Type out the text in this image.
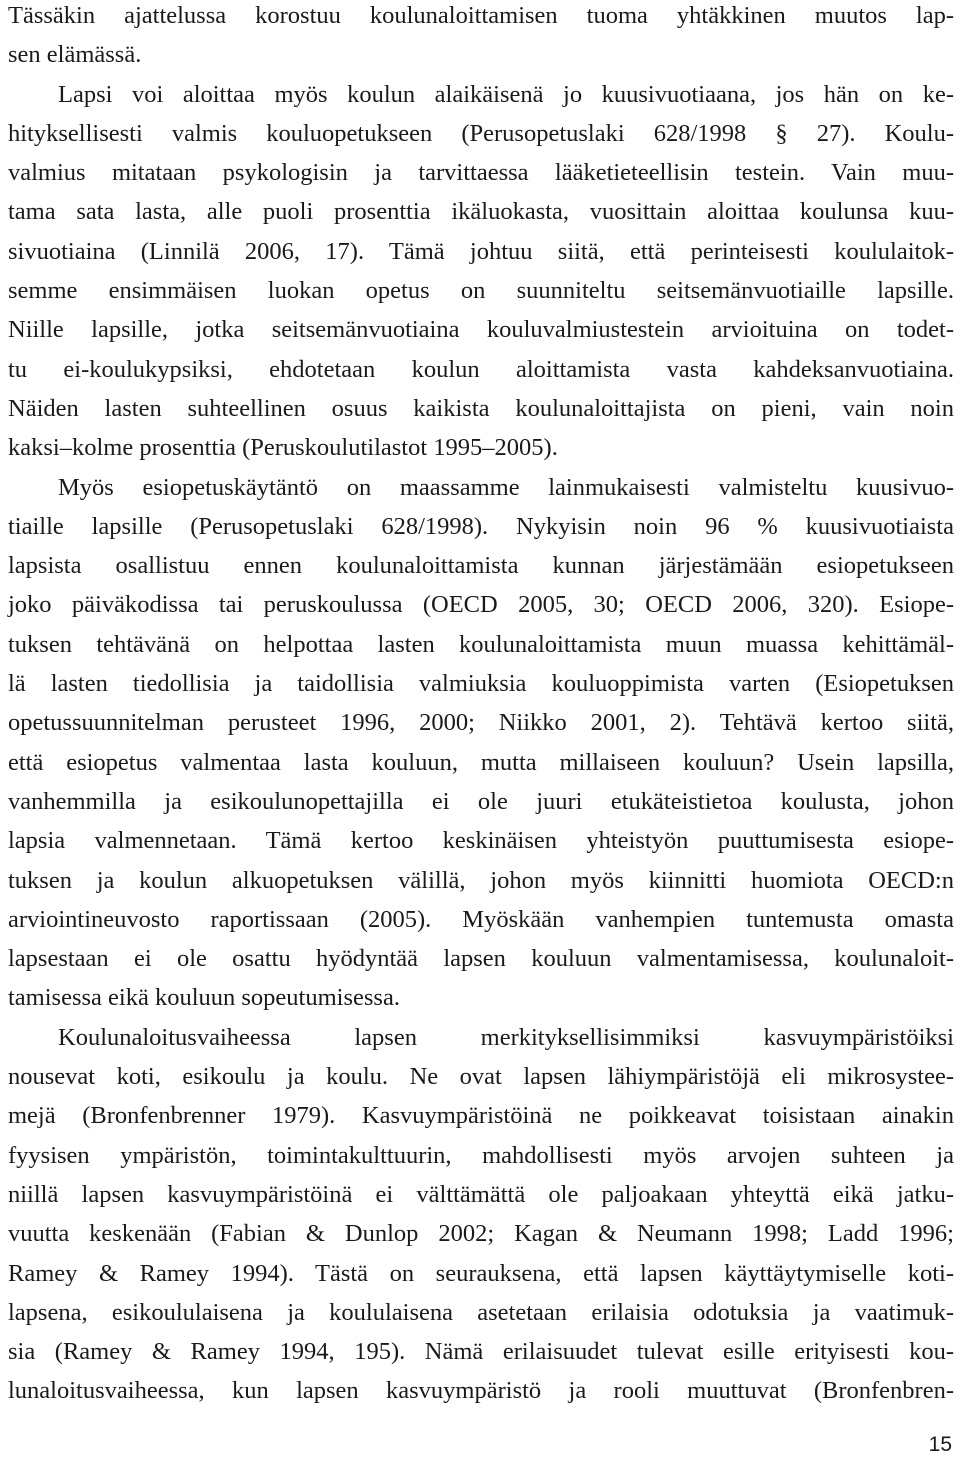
Tässäkin ajattelussa korostuu koulunaloittamisen tuoma yhtäkkinen muutos lap-
sen elämässä.
Lapsi voi aloittaa myös koulun alaikäisenä jo kuusivuotiaana, jos hän on ke-
hityksellisesti valmis kouluopetukseen (Perusopetuslaki 628/1998 § 27). Koulu-
valmius mitataan psykologisin ja tarvittaessa lääketieteellisin testein. Vain muu-
tama sata lasta, alle puoli prosenttia ikäluokasta, vuosittain aloittaa koulunsa kuu-
sivuotiaina (Linnilä 2006, 17). Tämä johtuu siitä, että perinteisesti koululaitok-
semme ensimmäisen luokan opetus on suunniteltu seitsemänvuotiaille lapsille.
Niille lapsille, jotka seitsemänvuotiaina kouluvalmiustestein arvioituina on todet-
tu ei-koulukypsiksi, ehdotetaan koulun aloittamista vasta kahdeksanvuotiaina.
Näiden lasten suhteellinen osuus kaikista koulunaloittajista on pieni, vain noin
kaksi–kolme prosenttia (Peruskoulutilastot 1995–2005).
Myös esiopetuskäytäntö on maassamme lainmukaisesti valmisteltu kuusivuo-
tiaille lapsille (Perusopetuslaki 628/1998). Nykyisin noin 96 % kuusivuotiaista
lapsista osallistuu ennen koulunaloittamista kunnan järjestämään esiopetukseen
joko päiväkodissa tai peruskoulussa (OECD 2005, 30; OECD 2006, 320). Esiope-
tuksen tehtävänä on helpottaa lasten koulunaloittamista muun muassa kehittämäl-
lä lasten tiedollisia ja taidollisia valmiuksia kouluoppimista varten (Esiopetuksen
opetussuunnitelman perusteet 1996, 2000; Niikko 2001, 2). Tehtävä kertoo siitä,
että esiopetus valmentaa lasta kouluun, mutta millaiseen kouluun? Usein lapsilla,
vanhemmilla ja esikoulunopettajilla ei ole juuri etukäteistietoa koulusta, johon
lapsia valmennetaan. Tämä kertoo keskinäisen yhteistyön puuttumisesta esiope-
tuksen ja koulun alkuopetuksen välillä, johon myös kiinnitti huomiota OECD:n
arviointineuvosto raportissaan (2005). Myöskään vanhempien tuntemusta omasta
lapsestaan ei ole osattu hyödyntää lapsen kouluun valmentamisessa, koulunaloit-
tamisessa eikä kouluun sopeutumisessa.
Koulunaloitusvaiheessa lapsen merkityksellisimmiksi kasvuympäristöiksi
nousevat koti, esikoulu ja koulu. Ne ovat lapsen lähiympäristöjä eli mikrosystee-
mejä (Bronfenbrenner 1979). Kasvuympäristöinä ne poikkeavat toisistaan ainakin
fyysisen ympäristön, toimintakulttuurin, mahdollisesti myös arvojen suhteen ja
niillä lapsen kasvuympäristöinä ei välttämättä ole paljoakaan yhteyttä eikä jatku-
vuutta keskenään (Fabian & Dunlop 2002; Kagan & Neumann 1998; Ladd 1996;
Ramey & Ramey 1994). Tästä on seurauksena, että lapsen käyttäytymiselle koti-
lapsena, esikoululaisena ja koululaisena asetetaan erilaisia odotuksia ja vaatimuk-
sia (Ramey & Ramey 1994, 195). Nämä erilaisuudet tulevat esille erityisesti kou-
lunaloitusvaiheessa, kun lapsen kasvuympäristö ja rooli muuttuvat (Bronfenbren-
15
